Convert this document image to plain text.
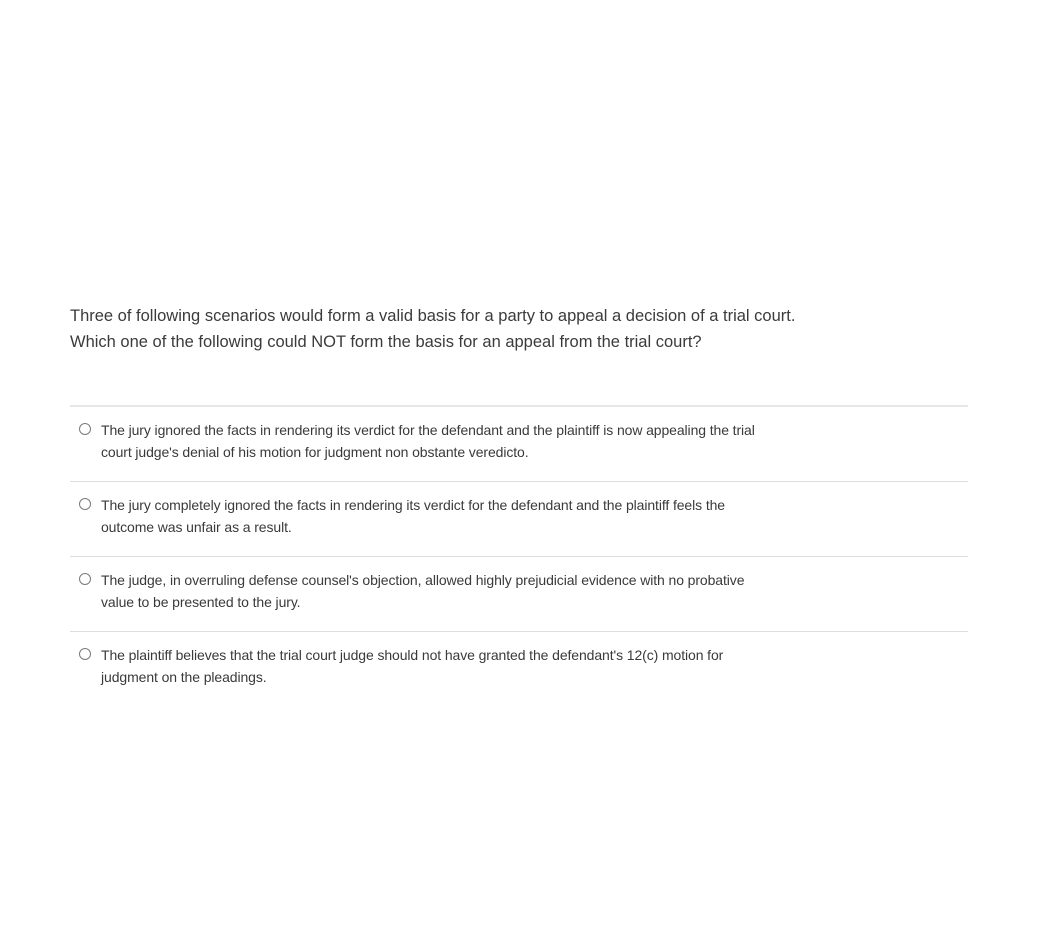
Three of following scenarios would form a valid basis for a party to appeal a decision of a trial court.

Which one of the following could NOT form the basis for an appeal from the trial court?

The jury ignored the facts in rendering its verdict for the defendant and the plaintiff is now appealing the trial
court judge's denial of his motion for judgment non obstante veredicto.
The jury completely ignored the facts in rendering its verdict for the defendant and the plaintiff feels the
outcome was unfair as a result.
The judge, in overruling defense counsel's objection, allowed highly prejudicial evidence with no probative
value to be presented to the jury.
The plaintiff believes that the trial court judge should not have granted the defendant's 12(c) motion for
judgment on the pleadings.
